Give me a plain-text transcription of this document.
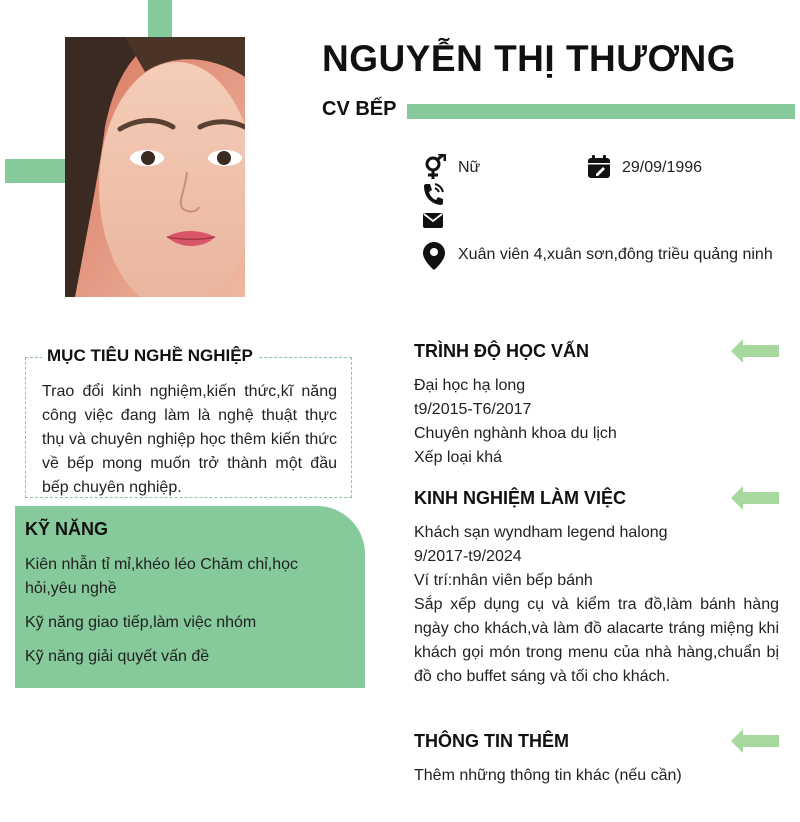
NGUYỄN THỊ THƯƠNG
CV BẾP
Nữ	29/09/1996
Xuân viên 4,xuân sơn,đông triều quảng ninh
MỤC TIÊU NGHỀ NGHIỆP
Trao đổi kinh nghiệm,kiến thức,kĩ năng công việc đang làm là nghệ thuật thực thụ và chuyên nghiệp học thêm kiến thức về bếp mong muốn trở thành một đầu bếp chuyên nghiệp.
KỸ NĂNG
Kiên nhẫn tỉ mỉ,khéo léo Chăm chỉ,học hỏi,yêu nghề
Kỹ năng giao tiếp,làm việc nhóm
Kỹ năng giải quyết vấn đề
TRÌNH ĐỘ HỌC VẤN
Đại học hạ long
t9/2015-T6/2017
Chuyên nghành khoa du lịch
Xếp loại khá
KINH NGHIỆM LÀM VIỆC
Khách sạn wyndham legend halong
9/2017-t9/2024
Ví trí:nhân viên bếp bánh
Sắp xếp dụng cụ và kiểm tra đồ,làm bánh hàng ngày cho khách,và làm đồ alacarte tráng miệng khi khách gọi món trong menu của nhà hàng,chuẩn bị đồ cho buffet sáng và tối cho khách.
THÔNG TIN THÊM
Thêm những thông tin khác (nếu cần)
